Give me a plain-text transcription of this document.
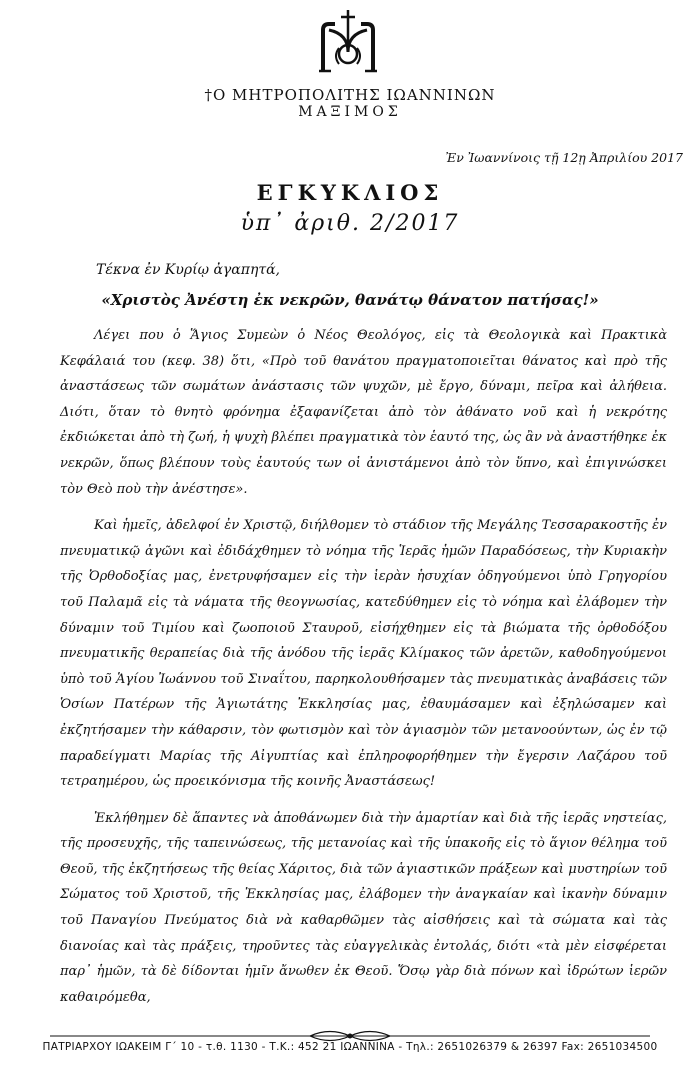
†Ο ΜΗΤΡΟΠΟΛΙΤΗΣ ΙΩΑΝΝΙΝΩΝ
ΜΑΞΙΜΟΣ
Ἐν Ἰωαννίνοις τῇ 12ῃ Ἀπριλίου 2017
ΕΓΚΥΚΛΙΟΣ
ὑπ᾽ ἀριθ. 2/2017
Τέκνα ἐν Κυρίῳ ἀγαπητά,
«Χριστὸς Ἀνέστη ἐκ νεκρῶν, θανάτῳ θάνατον πατήσας!»

Λέγει που ὁ Ἅγιος Συμεὼν ὁ Νέος Θεολόγος, εἰς τὰ Θεολογικὰ καὶ Πρακτικὰ Κεφάλαιά του (κεφ. 38) ὅτι, «Πρὸ τοῦ θανάτου πραγματοποιεῖται θάνατος καὶ πρὸ τῆς ἀναστάσεως τῶν σωμάτων ἀνάστασις τῶν ψυχῶν, μὲ ἔργο, δύναμι, πεῖρα καὶ ἀλήθεια. Διότι, ὅταν τὸ θνητὸ φρόνημα ἐξαφανίζεται ἀπὸ τὸν ἀθάνατο νοῦ καὶ ἡ νεκρότης ἐκδιώκεται ἀπὸ τὴ ζωή, ἡ ψυχὴ βλέπει πραγματικὰ τὸν ἑαυτό της, ὡς ἂν νὰ ἀναστήθηκε ἐκ νεκρῶν, ὅπως βλέπουν τοὺς ἑαυτούς των οἱ ἀνιστάμενοι ἀπὸ τὸν ὕπνο, καὶ ἐπιγινώσκει τὸν Θεὸ ποὺ τὴν ἀνέστησε».

Καὶ ἡμεῖς, ἀδελφοί ἐν Χριστῷ, διήλθομεν τὸ στάδιον τῆς Μεγάλης Τεσσαρακοστῆς ἐν πνευματικῷ ἀγῶνι καὶ ἐδιδάχθημεν τὸ νόημα τῆς Ἱερᾶς ἡμῶν Παραδόσεως, τὴν Κυριακὴν τῆς Ὀρθοδοξίας μας, ἐνετρυφήσαμεν εἰς τὴν ἱερὰν ἡσυχίαν ὁδηγούμενοι ὑπὸ Γρηγορίου τοῦ Παλαμᾶ εἰς τὰ νάματα τῆς θεογνωσίας, κατεδύθημεν εἰς τὸ νόημα καὶ ἐλάβομεν τὴν δύναμιν τοῦ Τιμίου καὶ ζωοποιοῦ Σταυροῦ, εἰσήχθημεν εἰς τὰ βιώματα τῆς ὀρθοδόξου πνευματικῆς θεραπείας διὰ τῆς ἀνόδου τῆς ἱερᾶς Κλίμακος τῶν ἀρετῶν, καθοδηγούμενοι ὑπὸ τοῦ Ἁγίου Ἰωάννου τοῦ Σιναΐτου, παρηκολουθήσαμεν τὰς πνευματικὰς ἀναβάσεις τῶν Ὁσίων Πατέρων τῆς Ἁγιωτάτης Ἐκκλησίας μας, ἐθαυμάσαμεν καὶ ἐξηλώσαμεν καὶ ἐκζητήσαμεν τὴν κάθαρσιν, τὸν φωτισμὸν καὶ τὸν ἁγιασμὸν τῶν μετανοούντων, ὡς ἐν τῷ παραδείγματι Μαρίας τῆς Αἰγυπτίας καὶ ἐπληροφορήθημεν τὴν ἔγερσιν Λαζάρου τοῦ τετραημέρου, ὡς προεικόνισμα τῆς κοινῆς Ἀναστάσεως!

Ἐκλήθημεν δὲ ἅπαντες νὰ ἀποθάνωμεν διὰ τὴν ἁμαρτίαν καὶ διὰ τῆς ἱερᾶς νηστείας, τῆς προσευχῆς, τῆς ταπεινώσεως, τῆς μετανοίας καὶ τῆς ὑπακοῆς εἰς τὸ ἅγιον θέλημα τοῦ Θεοῦ, τῆς ἐκζητήσεως τῆς θείας Χάριτος, διὰ τῶν ἁγιαστικῶν πράξεων καὶ μυστηρίων τοῦ Σώματος τοῦ Χριστοῦ, τῆς Ἐκκλησίας μας, ἐλάβομεν τὴν ἀναγκαίαν καὶ ἱκανὴν δύναμιν τοῦ Παναγίου Πνεύματος διὰ νὰ καθαρθῶμεν τὰς αἰσθήσεις καὶ τὰ σώματα καὶ τὰς διανοίας καὶ τὰς πράξεις, τηροῦντες τὰς εὐαγγελικὰς ἐντολάς, διότι «τὰ μὲν εἰσφέρεται παρ᾽ ἡμῶν, τὰ δὲ δίδονται ἡμῖν ἄνωθεν ἐκ Θεοῦ. Ὅσῳ γὰρ διὰ πόνων καὶ ἱδρώτων ἱερῶν καθαιρόμεθα,

ΠΑΤΡΙΑΡΧΟΥ ΙΩΑΚΕΙΜ Γ´ 10 - τ.θ. 1130 - Τ.Κ.: 452 21 ΙΩΑΝΝΙΝΑ - Τηλ.: 2651026379 & 26397 Fax: 2651034500
